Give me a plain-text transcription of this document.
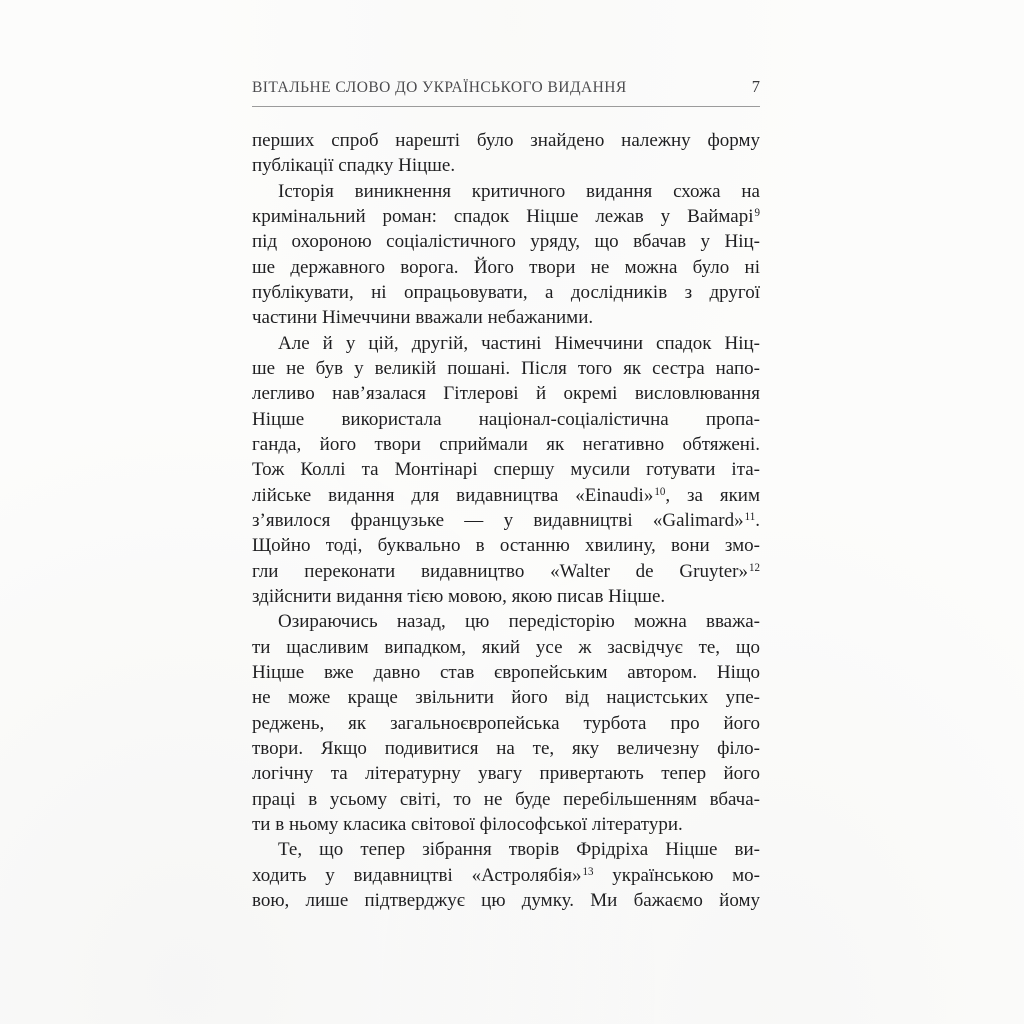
ВІТАЛЬНЕ СЛОВО ДО УКРАЇНСЬКОГО ВИДАННЯ	7
перших спроб нарешті було знайдено належну форму
публікації спадку Ніцше.
Історія виникнення критичного видання схожа на
кримінальний роман: спадок Ніцше лежав у Ваймарі$^9$
під охороною соціалістичного уряду, що вбачав у Ніц-
ше державного ворога. Його твори не можна було ні
публікувати, ні опрацьовувати, а дослідників з другої
частини Німеччини вважали небажаними.
Але й у цій, другій, частині Німеччини спадок Ніц-
ше не був у великій пошані. Після того як сестра напо-
легливо нав’язалася Гітлерові й окремі висловлювання
Ніцше використала націонал-соціалістична пропа-
ганда, його твори сприймали як негативно обтяжені.
Тож Коллі та Монтінарі спершу мусили готувати іта-
лійське видання для видавництва «Einaudi»$^{10}$, за яким
з’явилося французьке — у видавництві «Galimard»$^{11}$.
Щойно тоді, буквально в останню хвилину, вони змо-
гли переконати видавництво «Walter de Gruyter»$^{12}$
здійснити видання тією мовою, якою писав Ніцше.
Озираючись назад, цю передісторію можна вважа-
ти щасливим випадком, який усе ж засвідчує те, що
Ніцше вже давно став європейським автором. Ніщо
не може краще звільнити його від нацистських упе-
реджень, як загальноєвропейська турбота про його
твори. Якщо подивитися на те, яку величезну філо-
логічну та літературну увагу привертають тепер його
праці в усьому світі, то не буде перебільшенням вбача-
ти в ньому класика світової філософської літератури.
Те, що тепер зібрання творів Фрідріха Ніцше ви-
ходить у видавництві «Астролябія»$^{13}$ українською мо-
вою, лише підтверджує цю думку. Ми бажаємо йому
